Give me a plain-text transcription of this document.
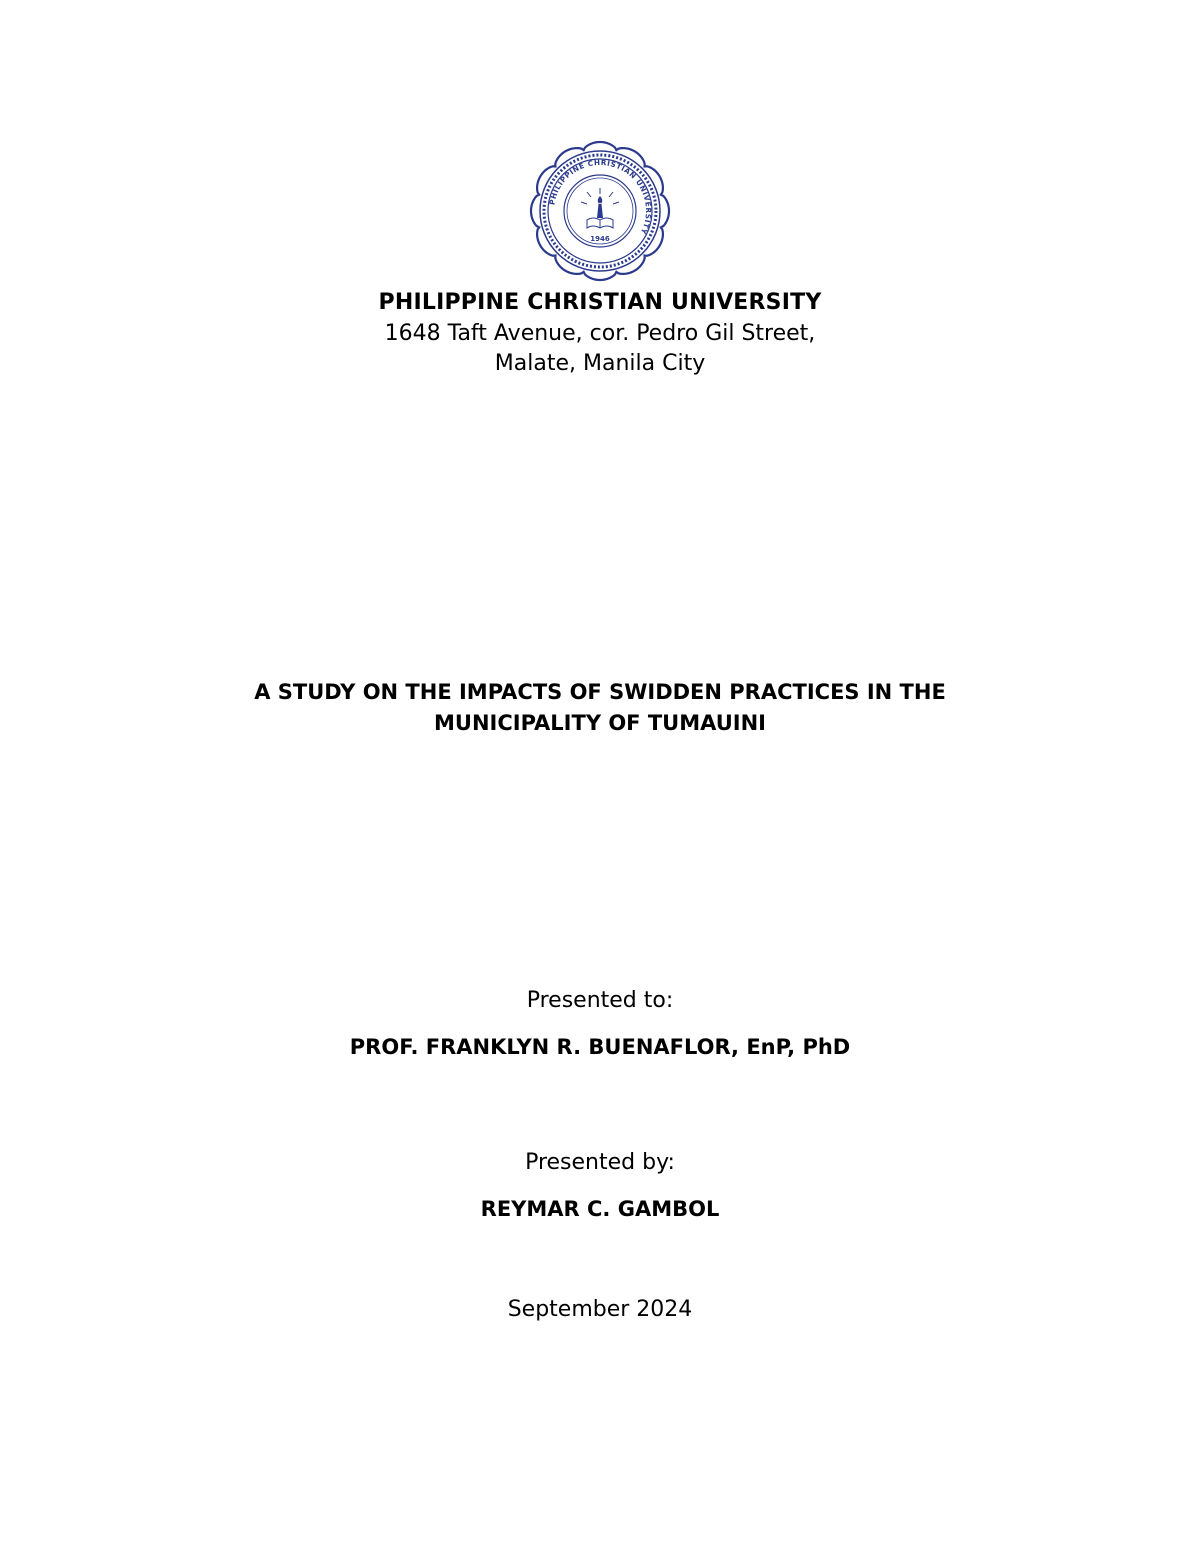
PHILIPPINE CHRISTIAN UNIVERSITY
1946
PHILIPPINE CHRISTIAN UNIVERSITY
1648 Taft Avenue, cor. Pedro Gil Street,
Malate, Manila City
A STUDY ON THE IMPACTS OF SWIDDEN PRACTICES IN THE
MUNICIPALITY OF TUMAUINI
Presented to:
PROF. FRANKLYN R. BUENAFLOR, EnP, PhD
Presented by:
REYMAR C. GAMBOL
September 2024
